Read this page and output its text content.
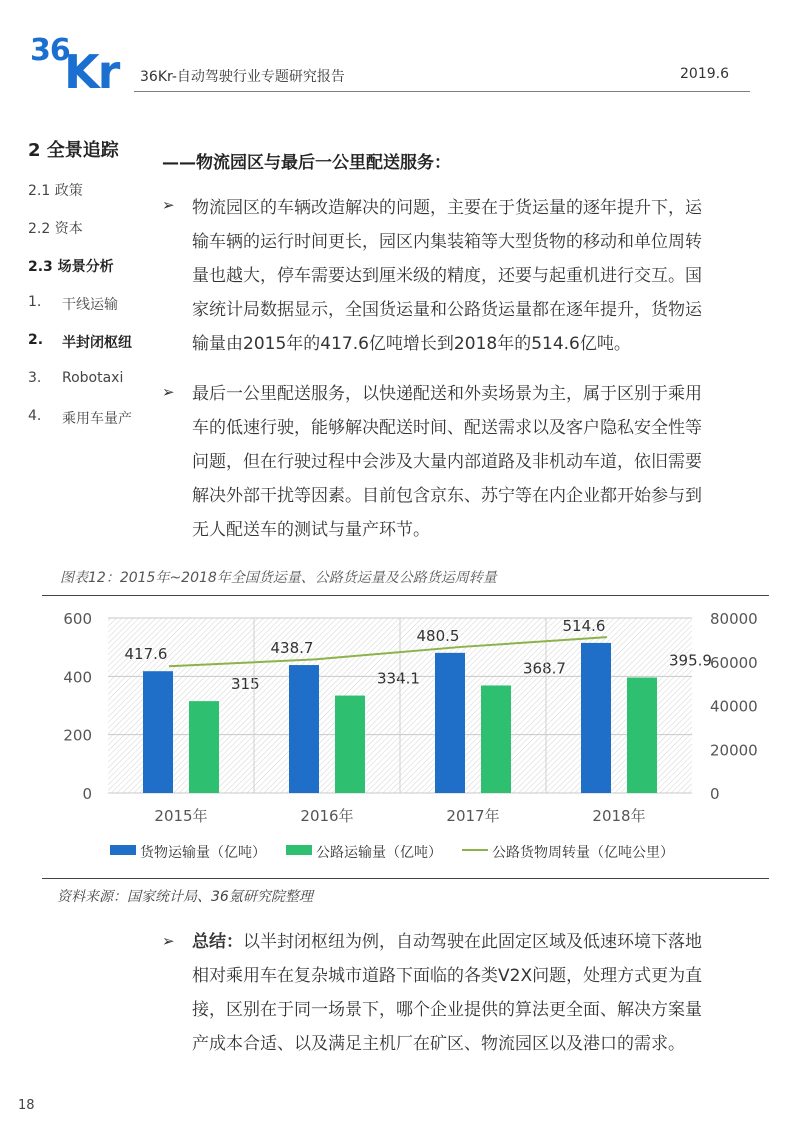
36
Kr 36Kr-自动驾驶行业专题研究报告	2019.6
2 全景追踪
2.1 政策
2.2 资本
2.3 场景分析
1. 干线运输
2. 半封闭枢纽
3. Robotaxi
4. 乘用车量产
——物流园区与最后一公里配送服务：
➢ 物流园区的车辆改造解决的问题，主要在于货运量的逐年提升下，运
输车辆的运行时间更长，园区内集装箱等大型货物的移动和单位周转
量也越大，停车需要达到厘米级的精度，还要与起重机进行交互。国
家统计局数据显示，全国货运量和公路货运量都在逐年提升，货物运
输量由2015年的417.6亿吨增长到2018年的514.6亿吨。
➢ 最后一公里配送服务，以快递配送和外卖场景为主，属于区别于乘用
车的低速行驶，能够解决配送时间、配送需求以及客户隐私安全性等
问题，但在行驶过程中会涉及大量内部道路及非机动车道，依旧需要
解决外部干扰等因素。目前包含京东、苏宁等在内企业都开始参与到
无人配送车的测试与量产环节。
图表12：2015年~2018年全国货运量、公路货运量及公路货运周转量
0
200
400
600
0
20000
40000
60000
80000
2015年
417.6
315
2016年
438.7
334.1
2017年
480.5
368.7
2018年
514.6
395.9
货物运输量（亿吨）	公路运输量（亿吨）	公路货物周转量（亿吨公里）
资料来源：国家统计局、36氪研究院整理
➢ 总结：以半封闭枢纽为例，自动驾驶在此固定区域及低速环境下落地
相对乘用车在复杂城市道路下面临的各类V2X问题，处理方式更为直
接，区别在于同一场景下，哪个企业提供的算法更全面、解决方案量
产成本合适、以及满足主机厂在矿区、物流园区以及港口的需求。
18
